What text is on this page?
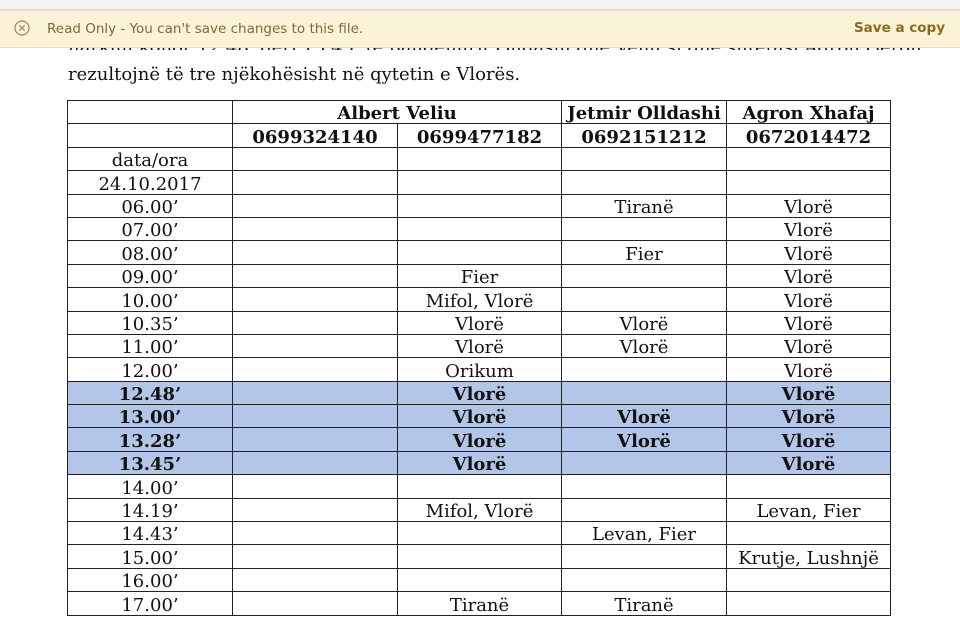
Read Only - You can't save changes to this file.	Save a copy
rezultojnë të tre njëkohësisht në qytetin e Vlorës.
	Albert Veliu		Jetmir Olldashi	Agron Xhafaj
	0699324140	0699477182	0692151212	0672014472
data/ora				
24.10.2017				
06.00’			Tiranë	Vlorë
07.00’				Vlorë
08.00’			Fier	Vlorë
09.00’		Fier		Vlorë
10.00’		Mifol, Vlorë		Vlorë
10.35’		Vlorë	Vlorë	Vlorë
11.00’		Vlorë	Vlorë	Vlorë
12.00’		Orikum		Vlorë
12.48’		Vlorë		Vlorë
13.00’		Vlorë	Vlorë	Vlorë
13.28’		Vlorë	Vlorë	Vlorë
13.45’		Vlorë		Vlorë
14.00’				
14.19’		Mifol, Vlorë		Levan, Fier
14.43’			Levan, Fier	
15.00’				Krutje, Lushnjë
16.00’				
17.00’		Tiranë	Tiranë	
